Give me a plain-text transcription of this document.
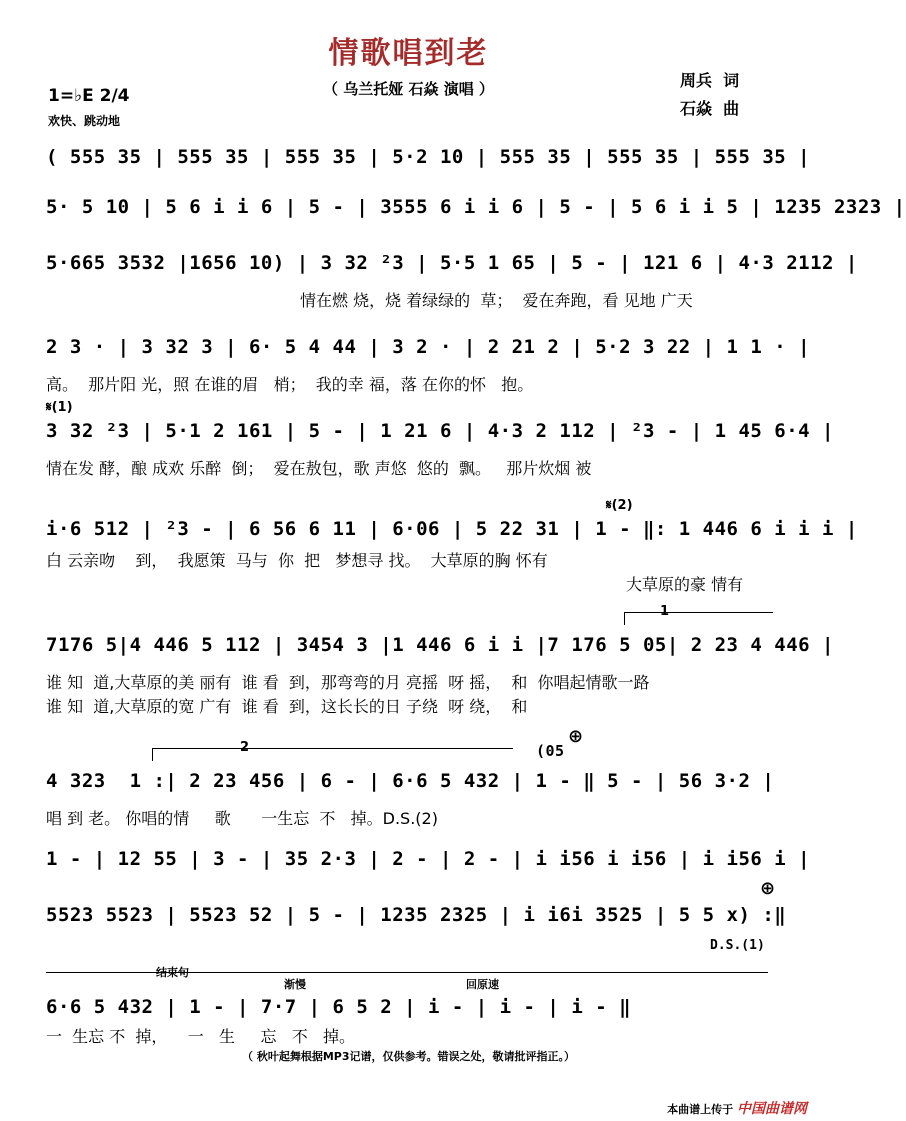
情歌唱到老
（ 乌兰托娅 石焱 演唱 ）	周兵  词
石焱  曲
1=♭E 2/4
欢快、跳动地
( 555 35 | 555 35 | 555 35 | 5·2 10 | 555 35 | 555 35 | 555 35 |
5· 5 10 | 5 6 i i 6 | 5 - | 3555 6 i i 6 | 5 - | 5 6 i i 5 | 1235 2323 |
5·665 3532 |1656 10) | 3 32 ²3 | 5·5 1 65 | 5 - | 121 6 | 4·3 2112 |
情在燃 烧，烧 着绿绿的  草；  爱在奔跑，看 见地 广天
2 3 · | 3 32 3 | 6· 5 4 44 | 3 2 · | 2 21 2 | 5·2 3 22 | 1 1 · |
高。  那片阳 光，照 在谁的眉   梢；  我的幸 福，落 在你的怀   抱。
𝄋(1)
3 32 ²3 | 5·1 2 161 | 5 - | 1 21 6 | 4·3 2 112 | ²3 - | 1 45 6·4 |
情在发 酵，酿 成欢 乐醉  倒；  爱在敖包，歌 声悠  悠的  飘。   那片炊烟 被
𝄋(2)
i·6 512 | ²3 - | 6 56 6 11 | 6·06 | 5 22 31 | 1 - ‖: 1 446 6 i i i |
白 云亲吻    到，  我愿策  马与  你  把   梦想寻 找。  大草原的胸 怀有
大草原的豪 情有
1
7176 5|4 446 5 112 | 3454 3 |1 446 6 i i |7 176 5 05| 2 23 4 446 |
谁 知  道,大草原的美 丽有  谁 看  到，那弯弯的月 亮摇  呀 摇，  和  你唱起情歌一路
谁 知  道,大草原的宽 广有  谁 看  到，这长长的日 子绕  呀 绕，  和
2
⊕
(05
4 323  1 :| 2 23 456 | 6 - | 6·6 5 432 | 1 - ‖ 5 - | 56 3·2 |
唱 到 老。 你唱的情     歌      一生忘  不   掉。D.S.(2)
1 - | 12 55 | 3 - | 35 2·3 | 2 - | 2 - | i i56 i i56 | i i56 i |
⊕
5523 5523 | 5523 52 | 5 - | 1235 2325 | i i6i 3525 | 5 5 x) :‖
D.S.(1)
结束句
渐慢	回原速
6·6 5 432 | 1 - | 7·7 | 6 5 2 | i - | i - | i - ‖
一  生忘 不  掉，    一   生     忘   不   掉。
（ 秋叶起舞根据MP3记谱，仅供参考。错误之处，敬请批评指正。）
本曲谱上传于 中国曲谱网
